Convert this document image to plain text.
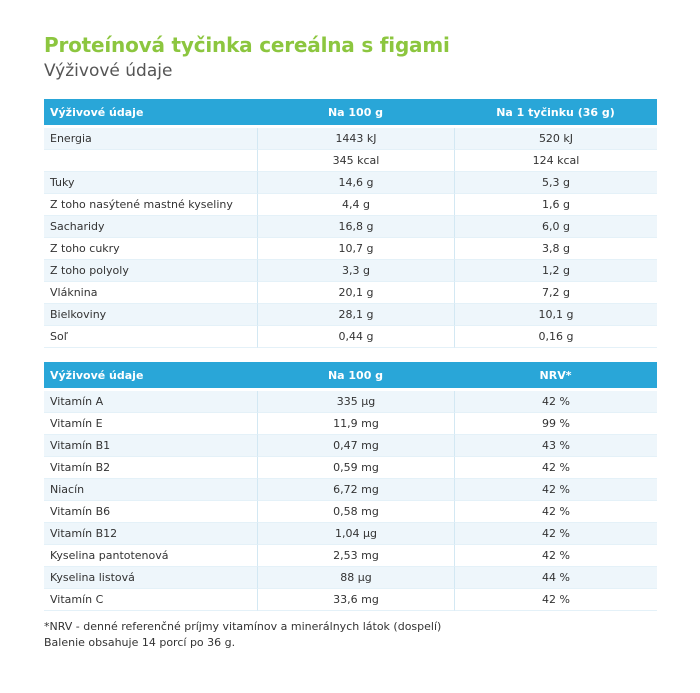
Proteínová tyčinka cereálna s figami
Výživové údaje
Výživové údaje	Na 100 g	Na 1 tyčinku (36 g)
Energia	1443 kJ	520 kJ
	345 kcal	124 kcal
Tuky	14,6 g	5,3 g
Z toho nasýtené mastné kyseliny	4,4 g	1,6 g
Sacharidy	16,8 g	6,0 g
Z toho cukry	10,7 g	3,8 g
Z toho polyoly	3,3 g	1,2 g
Vláknina	20,1 g	7,2 g
Bielkoviny	28,1 g	10,1 g
Soľ	0,44 g	0,16 g
Výživové údaje	Na 100 g	NRV*
Vitamín A	335 µg	42 %
Vitamín E	11,9 mg	99 %
Vitamín B1	0,47 mg	43 %
Vitamín B2	0,59 mg	42 %
Niacín	6,72 mg	42 %
Vitamín B6	0,58 mg	42 %
Vitamín B12	1,04 µg	42 %
Kyselina pantotenová	2,53 mg	42 %
Kyselina listová	88 µg	44 %
Vitamín C	33,6 mg	42 %
*NRV - denné referenčné príjmy vitamínov a minerálnych látok (dospelí)
Balenie obsahuje 14 porcí po 36 g.
